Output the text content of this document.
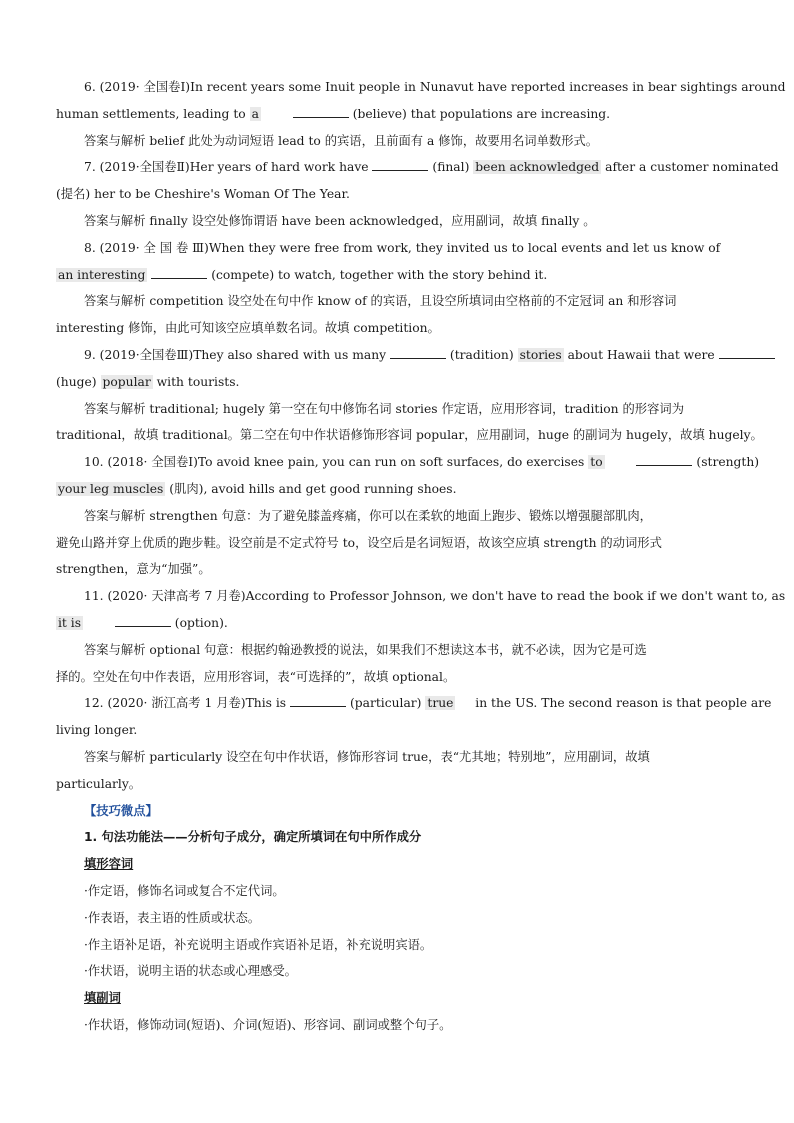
6. (2019· 全国卷Ⅰ)In recent years some Inuit people in Nunavut have reported increases in bear sightings around
human settlements, leading to a	(believe) that populations are increasing.
答案与解析 belief 此处为动词短语 lead to 的宾语，且前面有 a 修饰，故要用名词单数形式。
7. (2019·全国卷Ⅱ)Her years of hard work have	(final) been acknowledged after a customer nominated
(提名) her to be Cheshire's Woman Of The Year.
答案与解析 finally 设空处修饰谓语 have been acknowledged，应用副词，故填 finally 。
8. (2019· 全 国 卷 Ⅲ)When they were free from work, they invited us to local events and let us know of
an interesting	(compete) to watch, together with the story behind it.
答案与解析 competition 设空处在句中作 know of 的宾语，且设空所填词由空格前的不定冠词 an 和形容词
interesting 修饰，由此可知该空应填单数名词。故填 competition。
9. (2019·全国卷Ⅲ)They also shared with us many	(tradition) stories about Hawaii that were
(huge) popular with tourists.
答案与解析 traditional; hugely 第一空在句中修饰名词 stories 作定语，应用形容词，tradition 的形容词为
traditional，故填 traditional。第二空在句中作状语修饰形容词 popular，应用副词，huge 的副词为 hugely，故填 hugely。
10. (2018· 全国卷Ⅰ)To avoid knee pain, you can run on soft surfaces, do exercises to	(strength)
your leg muscles (肌肉), avoid hills and get good running shoes.
答案与解析 strengthen 句意：为了避免膝盖疼痛，你可以在柔软的地面上跑步、锻炼以增强腿部肌肉，
避免山路并穿上优质的跑步鞋。设空前是不定式符号 to，设空后是名词短语，故该空应填 strength 的动词形式
strengthen，意为“加强”。
11. (2020· 天津高考 7 月卷)According to Professor Johnson, we don't have to read the book if we don't want to, as
it is	(option).
答案与解析 optional 句意：根据约翰逊教授的说法，如果我们不想读这本书，就不必读，因为它是可选
择的。空处在句中作表语，应用形容词，表“可选择的”，故填 optional。
12. (2020· 浙江高考 1 月卷)This is	(particular) true in the US. The second reason is that people are
living longer.
答案与解析 particularly 设空在句中作状语，修饰形容词 true，表“尤其地；特别地”，应用副词，故填
particularly。
【技巧微点】
1. 句法功能法——分析句子成分，确定所填词在句中所作成分
填形容词
·作定语，修饰名词或复合不定代词。
·作表语，表主语的性质或状态。
·作主语补足语，补充说明主语或作宾语补足语，补充说明宾语。
·作状语，说明主语的状态或心理感受。
填副词
·作状语，修饰动词(短语)、介词(短语)、形容词、副词或整个句子。
